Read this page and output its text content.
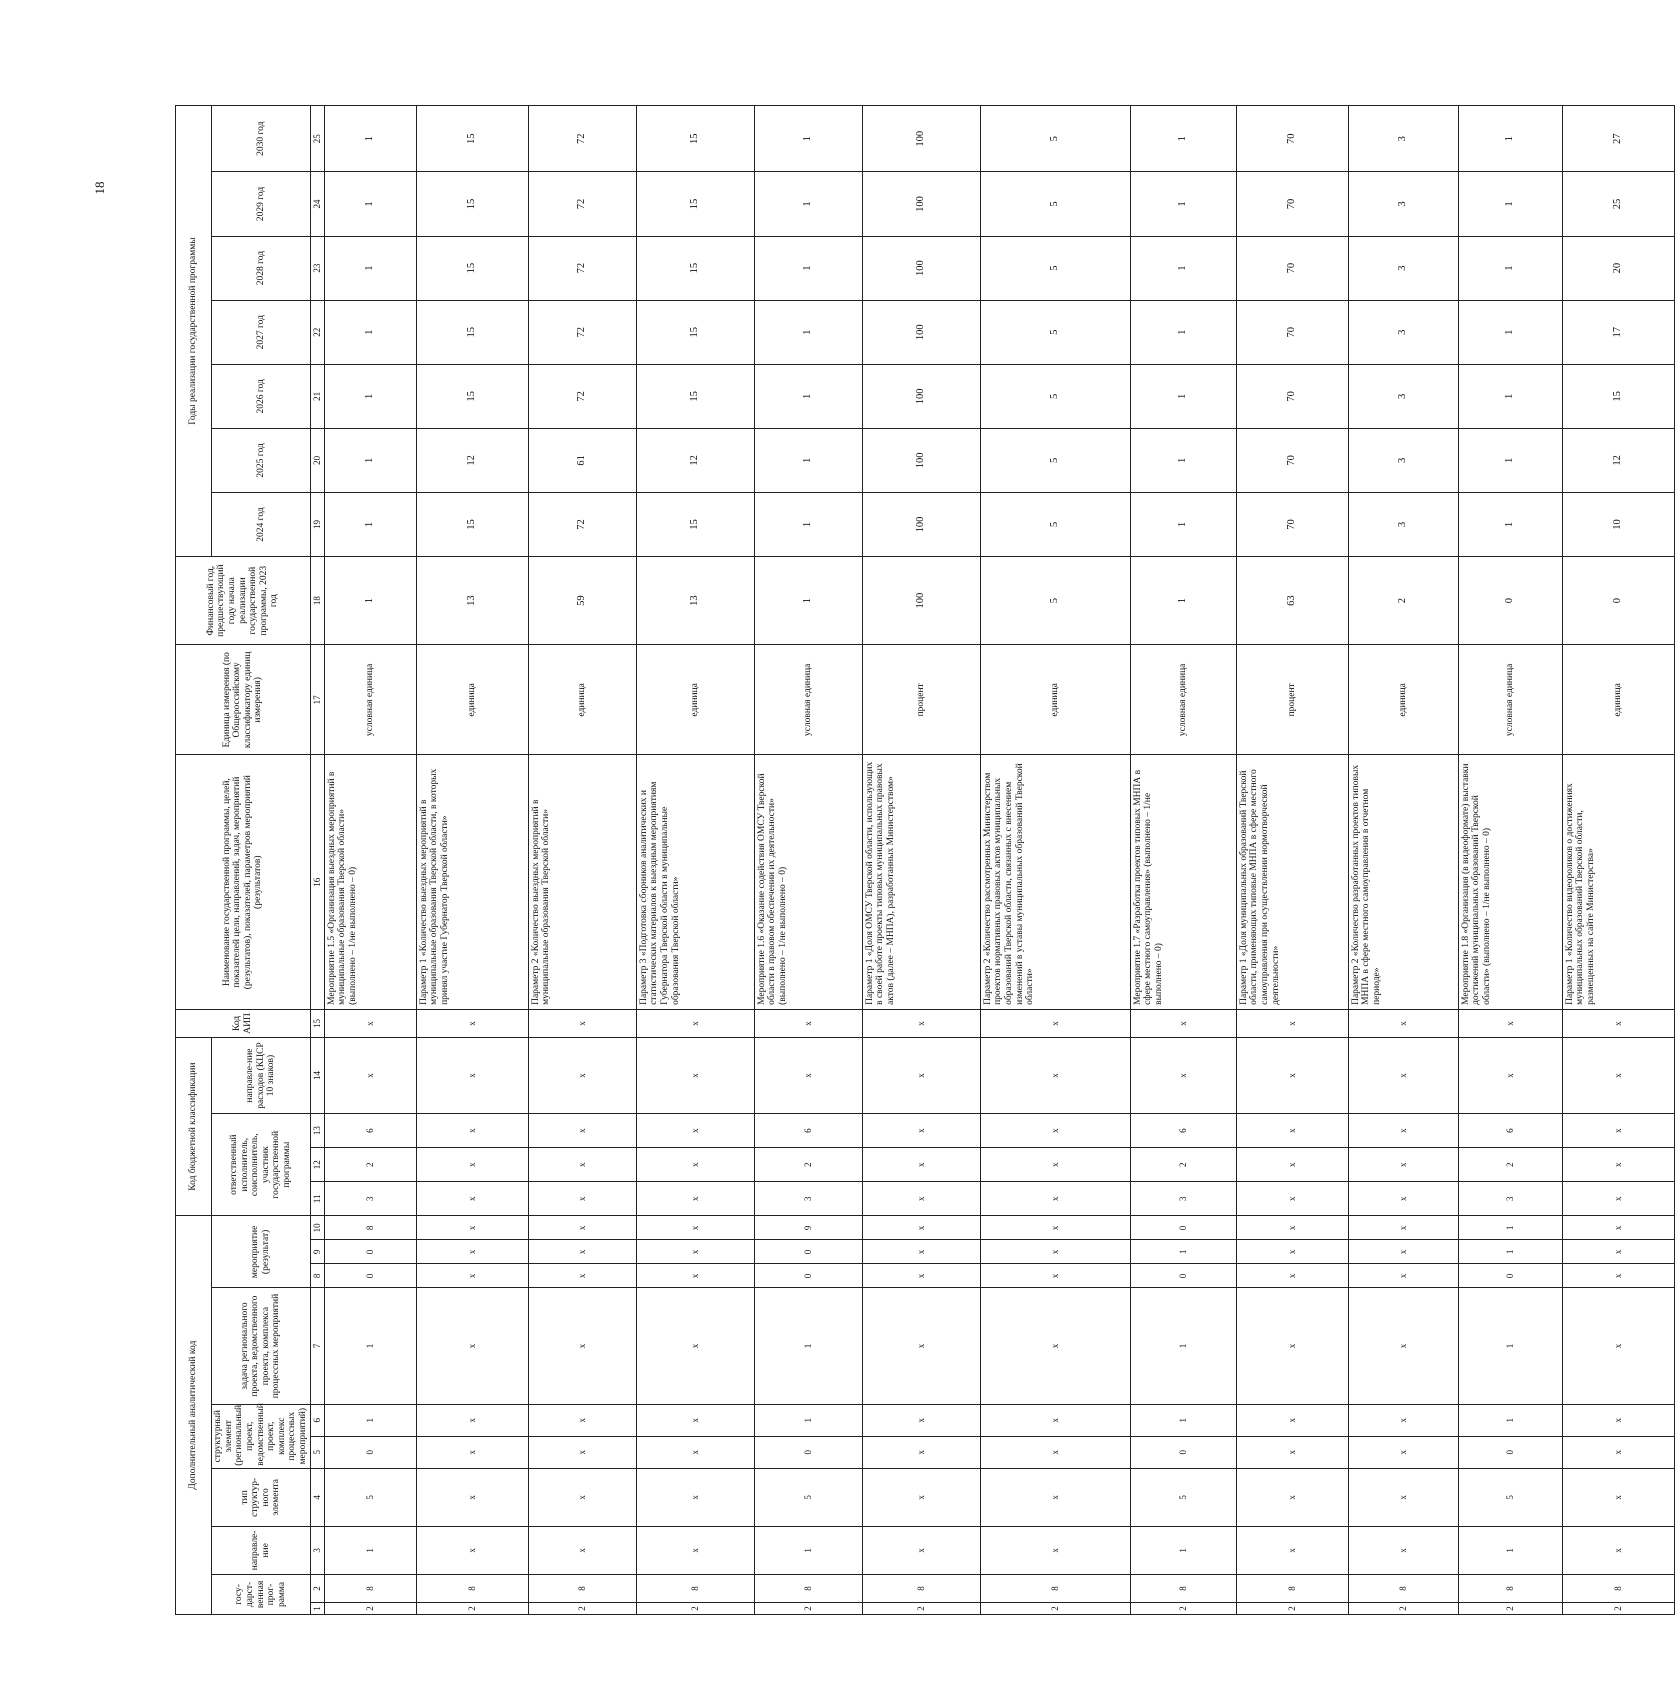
18
Дополнительный аналитический код										Код бюджетной классификации				Код АИП	Наименование государственной программы, целей, показателей цели, направлений, задач, мероприятий (результатов), показателей, параметров мероприятий (результатов)	Единица измерения (по Общероссийскому классификатору единиц измерения)	Финансовый год, предшествующий году начала реализации государственной программы, 2023 год	Годы реализации государственной программы						
госу-дарст-венная прог-рамма		направле-ние	тип структур-ного элемента	структурный элемент (региональный проект, ведомственный проект, комплекс процессных мероприятий)		задача регионального проекта, ведомственного проекта, комплекса процессных мероприятий	мероприятие (результат)			ответственный исполнитель, соисполнитель, участник государственной программы			направле-ние расходов (КЦСР 10 знаков)					2024 год	2025 год	2026 год	2027 год	2028 год	2029 год	2030 год
1	2	3	4	5	6	7	8	9	10	11	12	13	14	15	16	17	18	19	20	21	22	23	24	25
2	8	1	5	0	1	1	0	0	8	3	2	6	x	x	Мероприятие 1.5 «Организация выездных мероприятий в муниципальные образования Тверской области» (выполнено – 1/не выполнено – 0)	условная единица	1	1	1	1	1	1	1	1
2	8	x	x	x	x	x	x	x	x	x	x	x	x	x	Параметр 1 «Количество выездных мероприятий в муниципальные образования Тверской области, в которых принял участие Губернатор Тверской области»	единица	13	15	12	15	15	15	15	15
2	8	x	x	x	x	x	x	x	x	x	x	x	x	x	Параметр 2 «Количество выездных мероприятий в муниципальные образования Тверской области»	единица	59	72	61	72	72	72	72	72
2	8	x	x	x	x	x	x	x	x	x	x	x	x	x	Параметр 3 «Подготовка сборников аналитических и статистических материалов к выездным мероприятиям Губернатора Тверской области в муниципальные образования Тверской области»	единица	13	15	12	15	15	15	15	15
2	8	1	5	0	1	1	0	0	9	3	2	6	x	x	Мероприятие 1.6 «Оказание содействия ОМСУ Тверской области в правовом обеспечении их деятельности» (выполнено – 1/не выполнено – 0)	условная единица	1	1	1	1	1	1	1	1
2	8	x	x	x	x	x	x	x	x	x	x	x	x	x	Параметр 1 «Доля ОМСУ Тверской области, использующих в своей работе проекты типовых муниципальных правовых актов (далее – МНПА), разработанных Министерством»	процент	100	100	100	100	100	100	100	100
2	8	x	x	x	x	x	x	x	x	x	x	x	x	x	Параметр 2 «Количество рассмотренных Министерством проектов нормативных правовых актов муниципальных образований Тверской области, связанных с внесением изменений в уставы муниципальных образований Тверской области»	единица	5	5	5	5	5	5	5	5
2	8	1	5	0	1	1	0	1	0	3	2	6	x	x	Мероприятие 1.7 «Разработка проектов типовых МНПА в сфере местного самоуправления» (выполнено – 1/не выполнено – 0)	условная единица	1	1	1	1	1	1	1	1
2	8	x	x	x	x	x	x	x	x	x	x	x	x	x	Параметр 1 «Доля муниципальных образований Тверской области, применяющих типовые МНПА в сфере местного самоуправления при осуществлении нормотворческой деятельности»	процент	63	70	70	70	70	70	70	70
2	8	x	x	x	x	x	x	x	x	x	x	x	x	x	Параметр 2 «Количество разработанных проектов типовых МНПА в сфере местного самоуправления в отчетном периоде»	единица	2	3	3	3	3	3	3	3
2	8	1	5	0	1	1	0	1	1	3	2	6	x	x	Мероприятие 1.8 «Организация (в видеоформате) выставки достижений муниципальных образований Тверской области» (выполнено – 1/не выполнено – 0)	условная единица	0	1	1	1	1	1	1	1
2	8	x	x	x	x	x	x	x	x	x	x	x	x	x	Параметр 1 «Количество видеороликов о достижениях муниципальных образований Тверской области, размещенных на сайте Министерства»	единица	0	10	12	15	17	20	25	27
